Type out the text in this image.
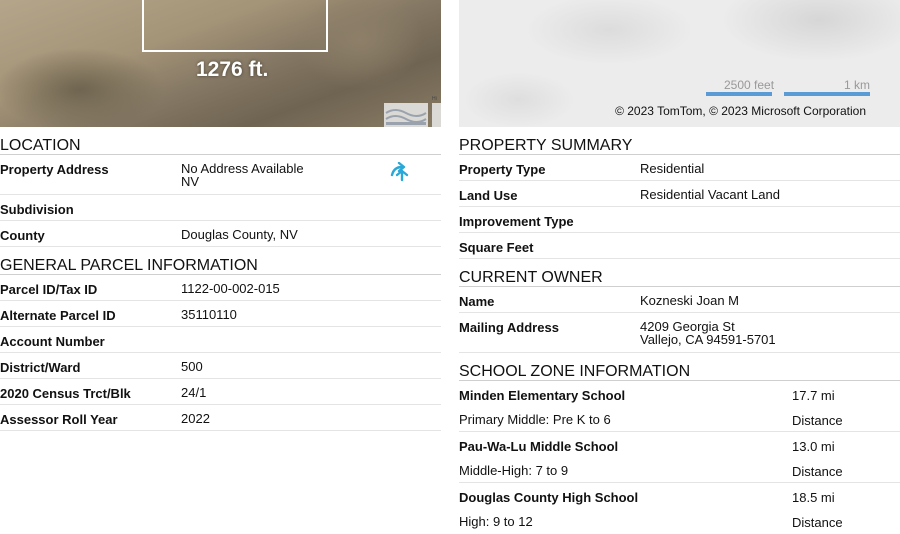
1276 ft.
Hi
LOCATION
Property Address	No Address Available
NV
Subdivision
County	Douglas County, NV
GENERAL PARCEL INFORMATION
Parcel ID/Tax ID	1122-00-002-015
Alternate Parcel ID	35110110
Account Number
District/Ward	500
2020 Census Trct/Blk	24/1
Assessor Roll Year	2022
2500 feet	1 km
© 2023 TomTom, © 2023 Microsoft Corporation
PROPERTY SUMMARY
Property Type	Residential
Land Use	Residential Vacant Land
Improvement Type
Square Feet
CURRENT OWNER
Name	Kozneski Joan M
Mailing Address	4209 Georgia St
Vallejo, CA 94591-5701
SCHOOL ZONE INFORMATION
Minden Elementary School	17.7 mi
Primary Middle: Pre K to 6	Distance
Pau-Wa-Lu Middle School	13.0 mi
Middle-High: 7 to 9	Distance
Douglas County High School	18.5 mi
High: 9 to 12	Distance
